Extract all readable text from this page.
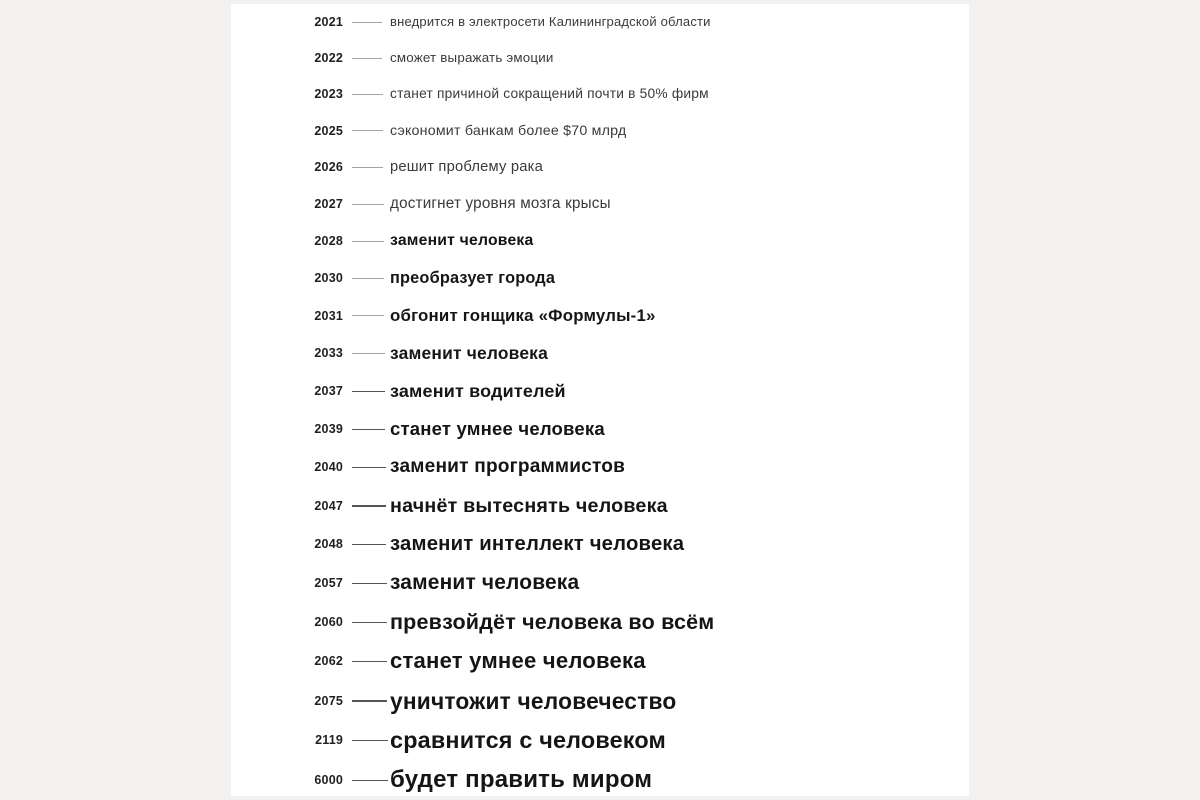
2021	внедрится в электросети Калининградской области
2022	сможет выражать эмоции
2023	станет причиной сокращений почти в 50% фирм
2025	сэкономит банкам более $70 млрд
2026	решит проблему рака
2027	достигнет уровня мозга крысы
2028	заменит человека
2030	преобразует города
2031	обгонит гонщика «Формулы-1»
2033	заменит человека
2037	заменит водителей
2039	станет умнее человека
2040 заменит программистов
2047 начнёт вытеснять человека
2048 заменит интеллект человека
2057 заменит человека
2060 превзойдёт человека во всём
2062 станет умнее человека
2075 уничтожит человечество
2119 сравнится с человеком
6000 будет править миром
